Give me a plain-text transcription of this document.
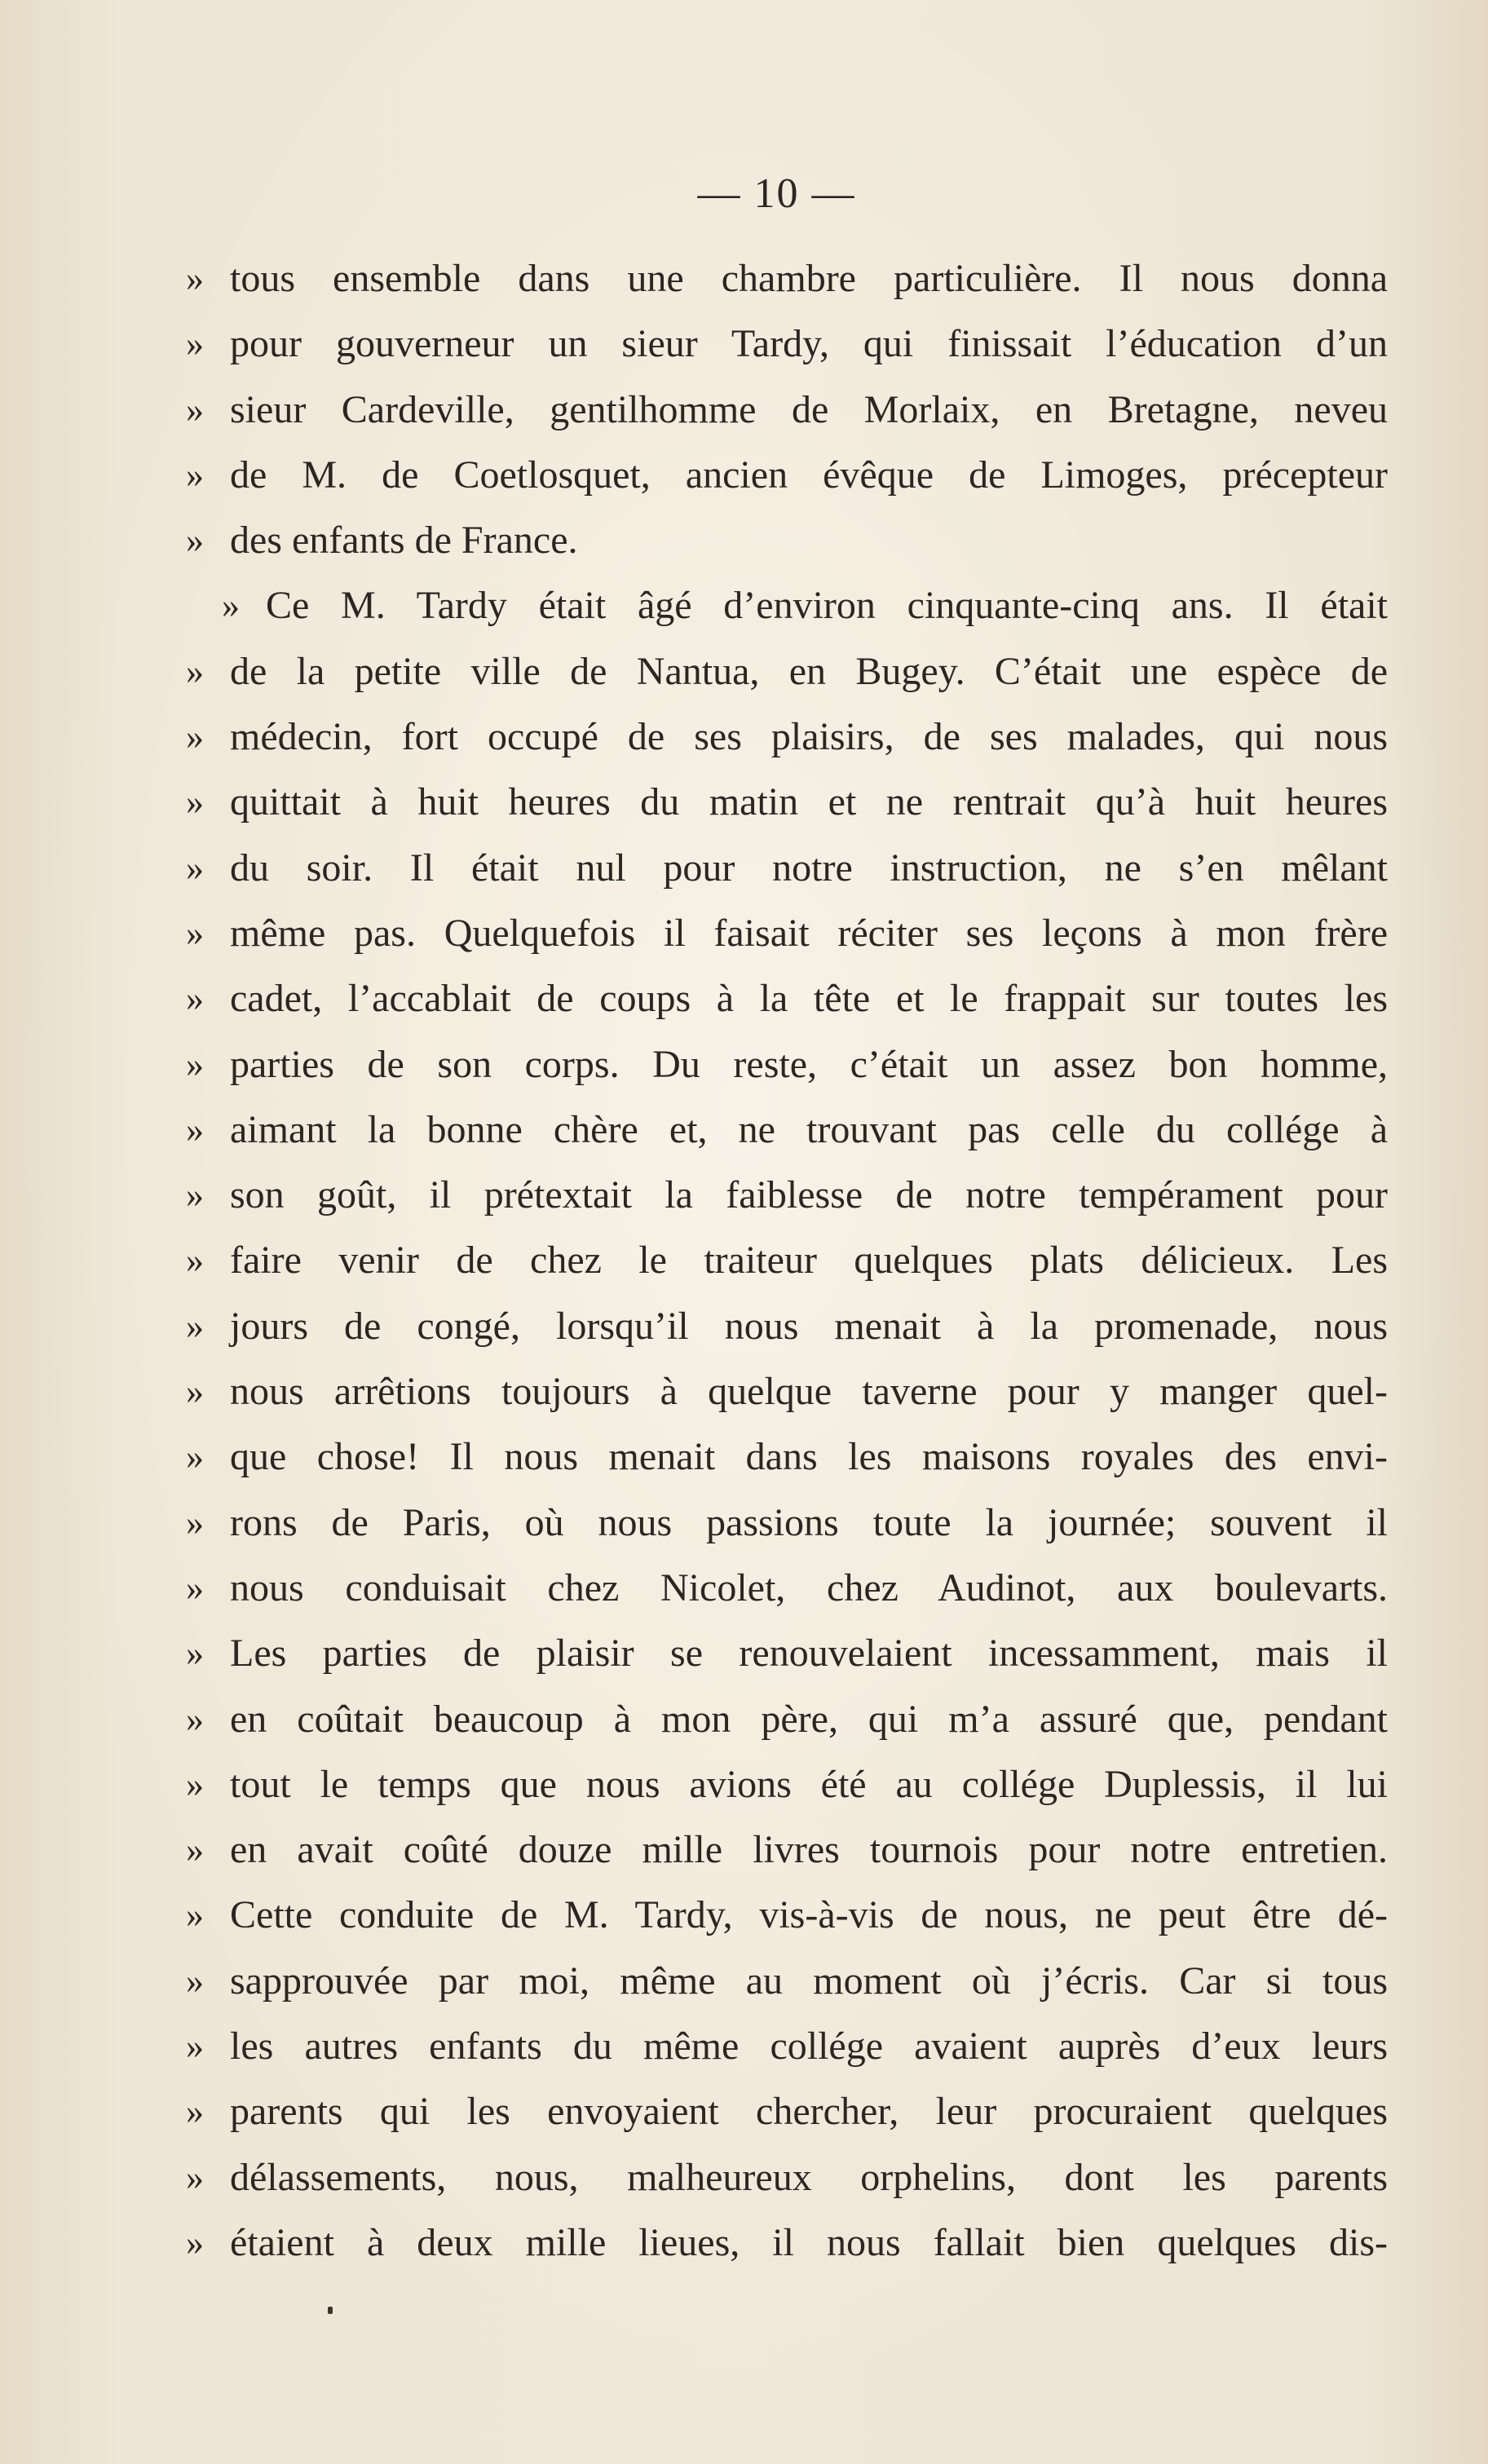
— 10 —
» tous ensemble dans une chambre particulière. Il nous donna
» pour gouverneur un sieur Tardy, qui finissait l’éducation d’un
» sieur Cardeville, gentilhomme de Morlaix, en Bretagne, neveu
» de M. de Coetlosquet, ancien évêque de Limoges, précepteur
» des enfants de France.
» Ce M. Tardy était âgé d’environ cinquante-cinq ans. Il était
» de la petite ville de Nantua, en Bugey. C’était une espèce de
» médecin, fort occupé de ses plaisirs, de ses malades, qui nous
» quittait à huit heures du matin et ne rentrait qu’à huit heures
» du soir. Il était nul pour notre instruction, ne s’en mêlant
» même pas. Quelquefois il faisait réciter ses leçons à mon frère
» cadet, l’accablait de coups à la tête et le frappait sur toutes les
» parties de son corps. Du reste, c’était un assez bon homme,
» aimant la bonne chère et, ne trouvant pas celle du collége à
» son goût, il prétextait la faiblesse de notre tempérament pour
» faire venir de chez le traiteur quelques plats délicieux. Les
» jours de congé, lorsqu’il nous menait à la promenade, nous
» nous arrêtions toujours à quelque taverne pour y manger quel-
» que chose! Il nous menait dans les maisons royales des envi-
» rons de Paris, où nous passions toute la journée; souvent il
» nous conduisait chez Nicolet, chez Audinot, aux boulevarts.
» Les parties de plaisir se renouvelaient incessamment, mais il
» en coûtait beaucoup à mon père, qui m’a assuré que, pendant
» tout le temps que nous avions été au collége Duplessis, il lui
» en avait coûté douze mille livres tournois pour notre entretien.
» Cette conduite de M. Tardy, vis-à-vis de nous, ne peut être dé-
» sapprouvée par moi, même au moment où j’écris. Car si tous
» les autres enfants du même collége avaient auprès d’eux leurs
» parents qui les envoyaient chercher, leur procuraient quelques
» délassements, nous, malheureux orphelins, dont les parents
» étaient à deux mille lieues, il nous fallait bien quelques dis-
